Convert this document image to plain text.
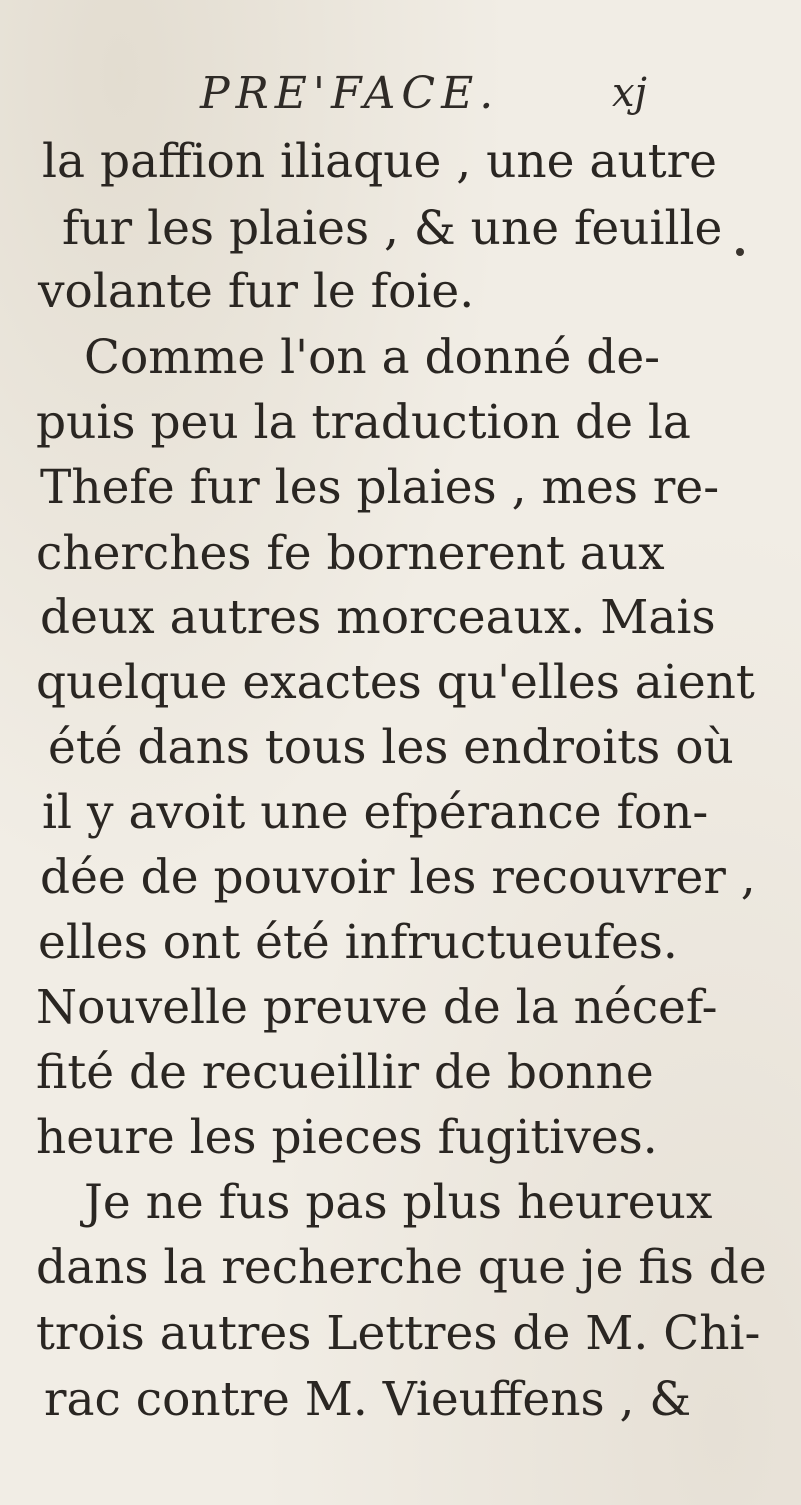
PRE'FACE.	xj
la paffion iliaque , une autre
fur les plaies , & une feuille
volante fur le foie.
Comme l'on a donné de-
puis peu la traduction de la
Thefe fur les plaies , mes re-
cherches fe bornerent aux
deux autres morceaux. Mais
quelque exactes qu'elles aient
été dans tous les endroits où
il y avoit une efpérance fon-
dée de pouvoir les recouvrer ,
elles ont été infructueufes.
Nouvelle preuve de la nécef-
fité de recueillir de bonne
heure les pieces fugitives.
Je ne fus pas plus heureux
dans la recherche que je fis de
trois autres Lettres de M. Chi-
rac contre M. Vieuffens , &
